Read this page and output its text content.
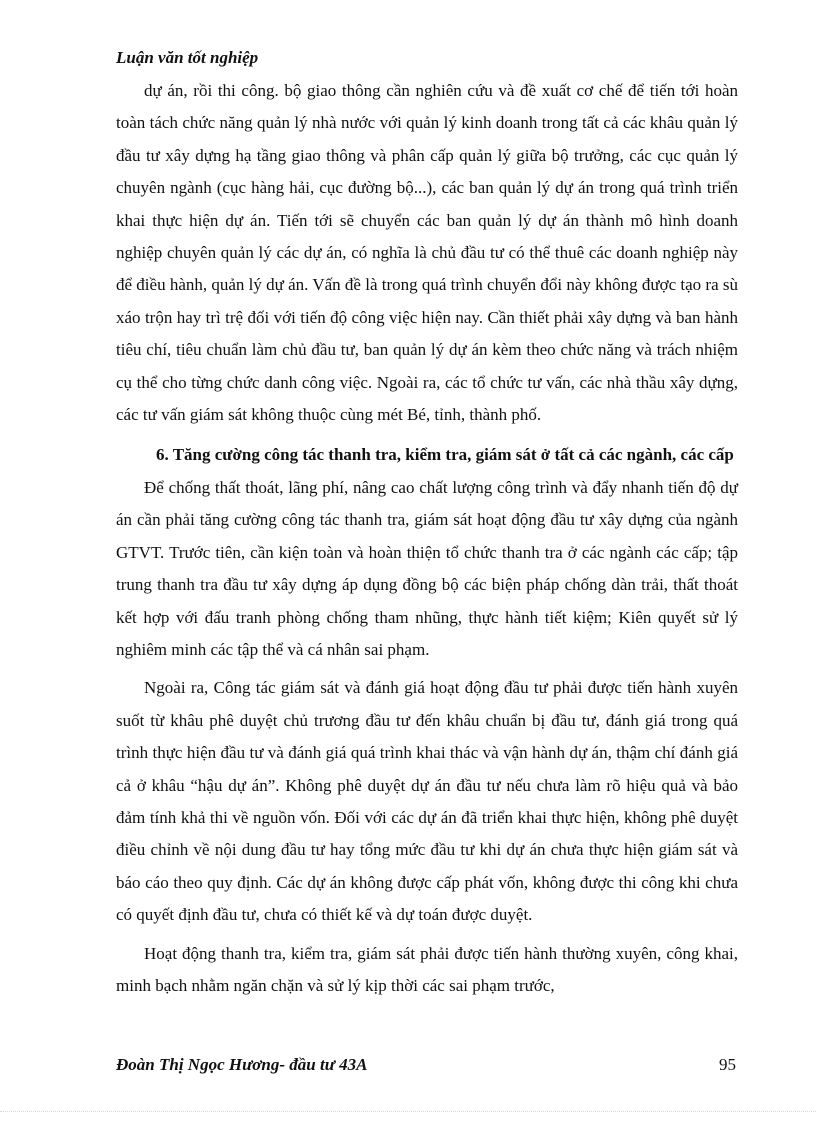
Luận văn tốt nghiệp

dự án, rồi thi công. bộ giao thông cần nghiên cứu và đề xuất cơ chế để tiến tới hoàn toàn tách chức năng quản lý nhà nước với quản lý kinh doanh trong tất cả các khâu quản lý đầu tư xây dựng hạ tầng giao thông và phân cấp quản lý giữa bộ trưởng, các cục quản lý chuyên ngành (cục hàng hải, cục đường bộ...), các ban quản lý dự án trong quá trình triển khai thực hiện dự án. Tiến tới sẽ chuyển các ban quản lý dự án thành mô hình doanh nghiệp chuyên quản lý các dự án, có nghĩa là chủ đầu tư có thể thuê các doanh nghiệp này để điều hành, quản lý dự án. Vấn đề là trong quá trình chuyển đổi này không được tạo ra sù xáo trộn hay trì trệ đối với tiến độ công việc hiện nay. Cần thiết phải xây dựng và ban hành tiêu chí, tiêu chuẩn làm chủ đầu tư, ban quản lý dự án kèm theo chức năng và trách nhiệm cụ thể cho từng chức danh công việc. Ngoài ra, các tổ chức tư vấn, các nhà thầu xây dựng, các tư vấn giám sát không thuộc cùng mét Bé, tỉnh, thành phố.

6. Tăng cường công tác thanh tra, kiểm tra, giám sát ở tất cả các ngành, các cấp

Để chống thất thoát, lãng phí, nâng cao chất lượng công trình và đẩy nhanh tiến độ dự án cần phải tăng cường công tác thanh tra, giám sát hoạt động đầu tư xây dựng của ngành GTVT. Trước tiên, cần kiện toàn và hoàn thiện tổ chức thanh tra ở các ngành các cấp; tập trung thanh tra đầu tư xây dựng áp dụng đồng bộ các biện pháp chống dàn trải, thất thoát kết hợp với đấu tranh phòng chống tham nhũng, thực hành tiết kiệm; Kiên quyết sử lý nghiêm minh các tập thể và cá nhân sai phạm.

Ngoài ra, Công tác giám sát và đánh giá hoạt động đầu tư phải được tiến hành xuyên suốt từ khâu phê duyệt chủ trương đầu tư đến khâu chuẩn bị đầu tư, đánh giá trong quá trình thực hiện đầu tư và đánh giá quá trình khai thác và vận hành dự án, thậm chí đánh giá cả ở khâu “hậu dự án”. Không phê duyệt dự án đầu tư nếu chưa làm rõ hiệu quả và bảo đảm tính khả thi về nguồn vốn. Đối với các dự án đã triển khai thực hiện, không phê duyệt điều chỉnh về nội dung đầu tư hay tổng mức đầu tư khi dự án chưa thực hiện giám sát và báo cáo theo quy định. Các dự án không được cấp phát vốn, không được thi công khi chưa có quyết định đầu tư, chưa có thiết kế và dự toán được duyệt.

Hoạt động thanh tra, kiểm tra, giám sát phải được tiến hành thường xuyên, công khai, minh bạch nhằm ngăn chặn và sử lý kịp thời các sai phạm trước,

Đoàn Thị Ngọc Hương- đầu tư 43A	95
